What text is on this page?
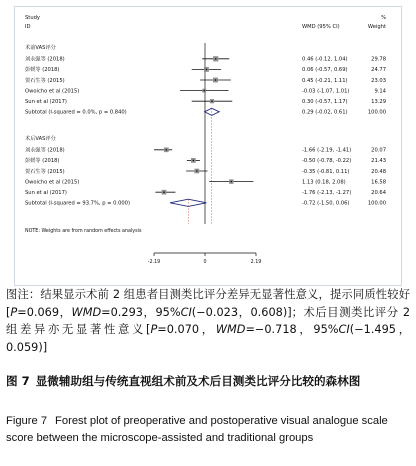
Study
ID	WMD (95% CI)
%
Weight
术前VAS评分
刘永强等 (2018)	0.46 (-0.12, 1.04)	29.78
彭媛等 (2018)	0.06 (-0.57, 0.69)	24.77
贺石生等 (2015)	0.45 (-0.21, 1.11)	23.03
Owoicho et al (2015)	-0.03 (-1.07, 1.01)	9.14
Sun et al (2017)	0.30 (-0.57, 1.17)	13.29
Subtotal (I-squared = 0.0%, p = 0.840)	0.29 (-0.02, 0.61)	100.00
术后VAS评分
刘永强等 (2018)	-1.66 (-2.19, -1.41)	20.07
彭媛等 (2018)	-0.50 (-0.78, -0.22)	21.43
贺石生等 (2015)	-0.35 (-0.81, 0.11)	20.48
Owoicho et al (2015)	1.13 (0.18, 2.08)	16.58
Sun et al (2017)	-1.76 (-2.13, -1.27)	20.64
Subtotal (I-squared = 93.7%, p = 0.000)	-0.72 (-1.50, 0.06)	100.00
NOTE: Weights are from random effects analysis
-2.19	0	2.19
图注：结果显示术前 2 组患者目测类比评分差异无显著性意义，提示同质性较好[P=0.069，WMD=0.293，95%CI(−0.023，0.608)]；术后目测类比评分 2 组差异亦无显著性意义[P=0.070，WMD=−0.718，95%CI(−1.495，0.059)]
图 7 显微辅助组与传统直视组术前及术后目测类比评分比较的森林图
Figure 7 Forest plot of preoperative and postoperative visual analogue scale score between the microscope-assisted and traditional groups
